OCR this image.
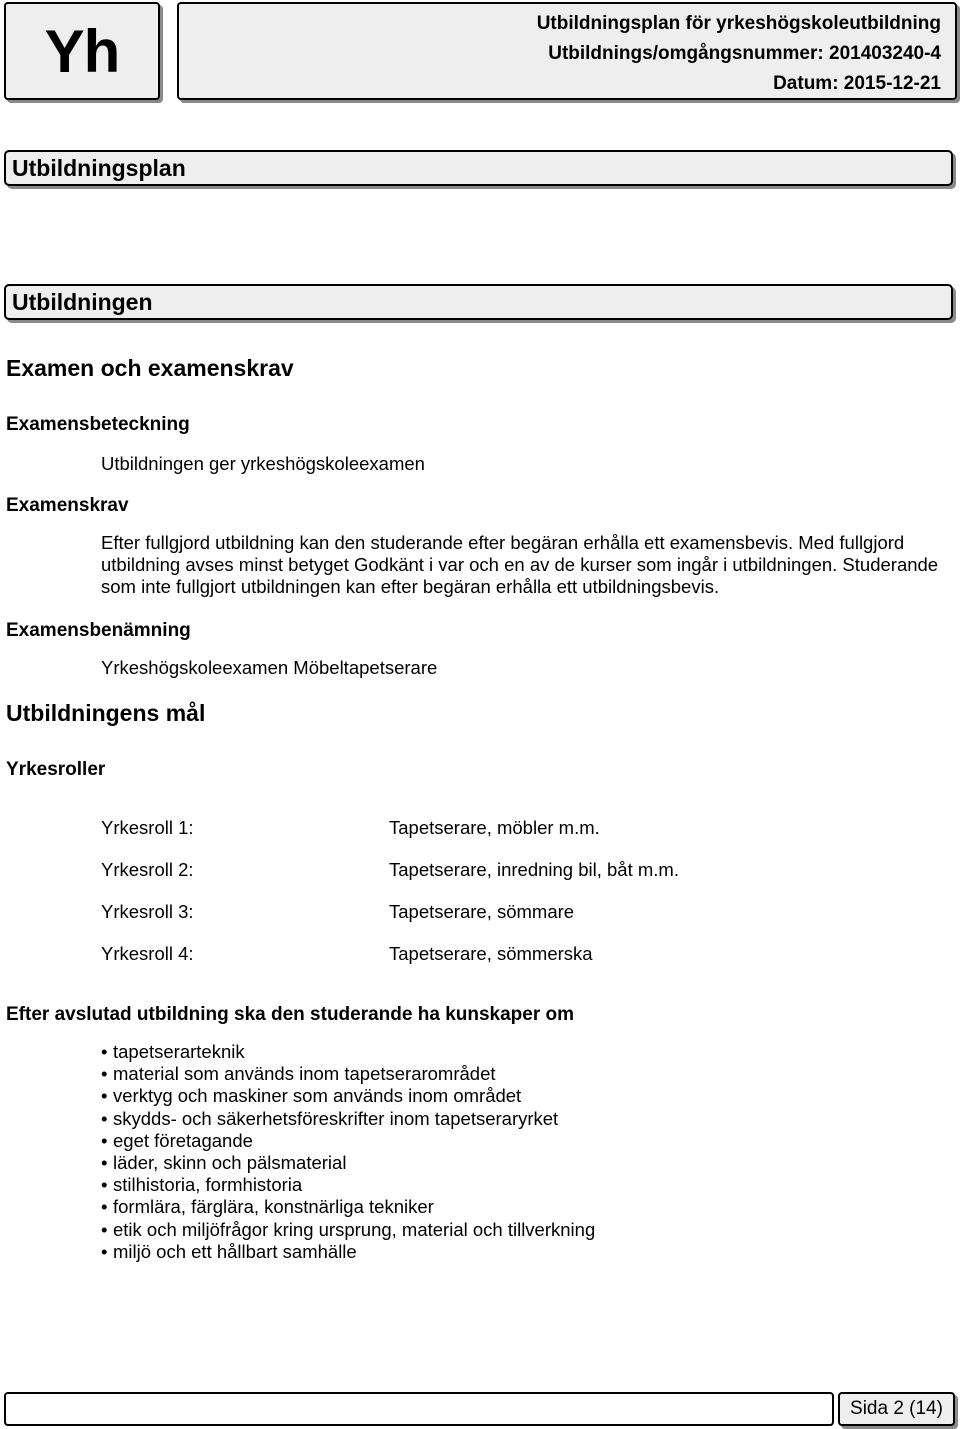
Yh	Utbildningsplan för yrkeshögskoleutbildning
Utbildnings/omgångsnummer: 201403240-4
Datum: 2015-12-21
Utbildningsplan
Utbildningen
Examen och examenskrav
Examensbeteckning
Utbildningen ger yrkeshögskoleexamen
Examenskrav
Efter fullgjord utbildning kan den studerande efter begäran erhålla ett examensbevis. Med fullgjord utbildning avses minst betyget Godkänt i var och en av de kurser som ingår i utbildningen. Studerande som inte fullgjort utbildningen kan efter begäran erhålla ett utbildningsbevis.
Examensbenämning
Yrkeshögskoleexamen Möbeltapetserare
Utbildningens mål
Yrkesroller
Yrkesroll 1:	Tapetserare, möbler m.m.
Yrkesroll 2:	Tapetserare, inredning bil, båt m.m.
Yrkesroll 3:	Tapetserare, sömmare
Yrkesroll 4:	Tapetserare, sömmerska
Efter avslutad utbildning ska den studerande ha kunskaper om
• tapetserarteknik
• material som används inom tapetserarområdet
• verktyg och maskiner som används inom området
• skydds- och säkerhetsföreskrifter inom tapetseraryrket
• eget företagande
• läder, skinn och pälsmaterial
• stilhistoria, formhistoria
• formlära, färglära, konstnärliga tekniker
• etik och miljöfrågor kring ursprung, material och tillverkning
• miljö och ett hållbart samhälle
Sida 2 (14)
